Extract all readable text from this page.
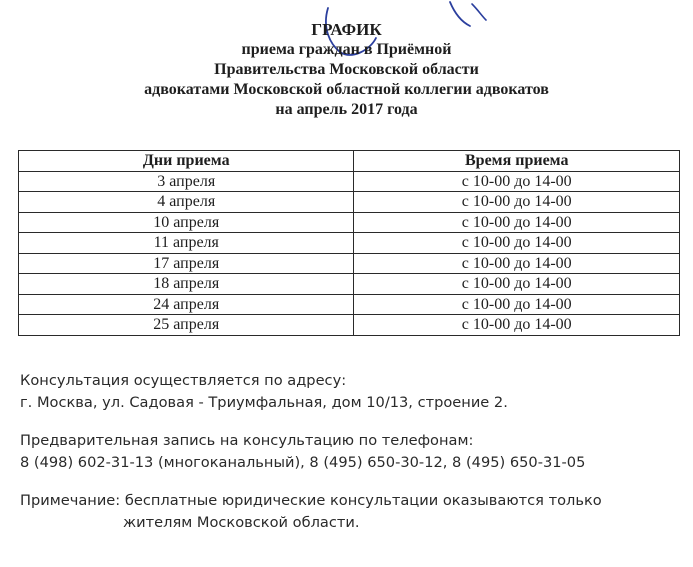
ГРАФИК
приема граждан в Приёмной
Правительства Московской области
адвокатами Московской областной коллегии адвокатов
на апрель 2017 года
Дни приема	Время приема
3 апреля	с 10-00 до 14-00
4 апреля	с 10-00 до 14-00
10 апреля	с 10-00 до 14-00
11 апреля	с 10-00 до 14-00
17 апреля	с 10-00 до 14-00
18 апреля	с 10-00 до 14-00
24 апреля	с 10-00 до 14-00
25 апреля	с 10-00 до 14-00

Консультация осуществляется по адресу:

г. Москва, ул. Садовая - Триумфальная, дом 10/13, строение 2.

Предварительная запись на консультацию по телефонам:

8 (498) 602-31-13 (многоканальный), 8 (495) 650-30-12, 8 (495) 650-31-05

Примечание: бесплатные юридические консультации оказываются только

жителям Московской области.
